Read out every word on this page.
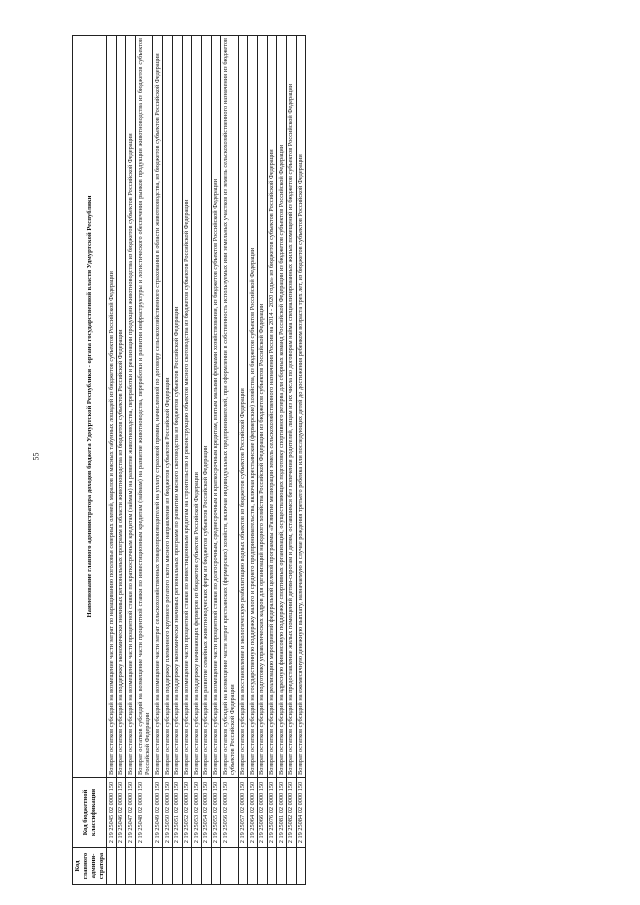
55
Код главного админи-стратора	Код бюджетной классификации	Наименование главного администратора доходов бюджета Удмуртской Республики - органа государственной власти Удмуртской Республики
	2 19 25045 02 0000 150	Возврат остатков субсидий на возмещение части затрат по наращиванию поголовья северных оленей, маралов и мясных табунных лошадей из бюджетов субъектов Российской Федерации
	2 19 25046 02 0000 150	Возврат остатков субсидий на поддержку экономически значимых региональных программ в области животноводства из бюджетов субъектов Российской Федерации
	2 19 25047 02 0000 150	Возврат остатков субсидий на возмещение части процентной ставки по краткосрочным кредитам (займам) на развитие животноводства, переработки и реализации продукции животноводства из бюджетов субъектов Российской Федерации
	2 19 25048 02 0000 150	Возврат остатков субсидий на возмещение части процентной ставки по инвестиционным кредитам (займам) на развитие животноводства, переработки и развития инфраструктуры и логистического обеспечения рынков продукции животноводства из бюджетов субъектов Российской Федерации
	2 19 25049 02 0000 150	Возврат остатков субсидий на возмещение части затрат сельскохозяйственных товаропроизводителей на уплату страховой премии, начисленной по договору сельскохозяйственного страхования в области животноводства, из бюджетов субъектов Российской Федерации
	2 19 25050 02 0000 150	Возврат остатков субсидий на поддержку племенного крупного рогатого скота мясного направления из бюджетов субъектов Российской Федерации
	2 19 25051 02 0000 150	Возврат остатков субсидий на поддержку экономически значимых региональных программ по развитию мясного скотоводства из бюджетов субъектов Российской Федерации
	2 19 25052 02 0000 150	Возврат остатков субсидий на возмещение части процентной ставки по инвестиционным кредитам на строительство и реконструкцию объектов мясного скотоводства из бюджетов субъектов Российской Федерации
	2 19 25053 02 0000 150	Возврат остатков субсидий на поддержку начинающих фермеров из бюджетов субъектов Российской Федерации
	2 19 25054 02 0000 150	Возврат остатков субсидий на развитие семейных животноводческих ферм из бюджетов субъектов Российской Федерации
	2 19 25055 02 0000 150	Возврат остатков субсидий на возмещение части процентной ставки по долгосрочным, среднесрочным и краткосрочным кредитам, взятым малыми формами хозяйствования, из бюджетов субъектов Российской Федерации
	2 19 25056 02 0000 150	Возврат остатков субсидий на возмещение части затрат крестьянских (фермерских) хозяйств, включая индивидуальных предпринимателей, при оформлении в собственность используемых ими земельных участков из земель сельскохозяйственного назначения из бюджетов субъектов Российской Федерации
	2 19 25057 02 0000 150	Возврат остатков субсидий на восстановление и экологическую реабилитацию водных объектов из бюджетов субъектов Российской Федерации
	2 19 25064 02 0000 150	Возврат остатков субсидий на государственную поддержку малого и среднего предпринимательства, включая крестьянские (фермерские) хозяйства, из бюджетов субъектов Российской Федерации
	2 19 25066 02 0000 150	Возврат остатков субсидий на подготовку управленческих кадров для организаций народного хозяйства Российской Федерации из бюджетов субъектов Российской Федерации
	2 19 25076 02 0000 150	Возврат остатков субсидий на реализацию мероприятий федеральной целевой программы «Развитие мелиорации земель сельскохозяйственного назначения России на 2014 - 2020 годы» из бюджетов субъектов Российской Федерации
	2 19 25081 02 0000 150	Возврат остатков субсидий на адресную финансовую поддержку спортивных организаций, осуществляющих подготовку спортивного резерва для сборных команд Российской Федерации из бюджетов субъектов Российской Федерации
	2 19 25082 02 0000 150	Возврат остатков субсидий на предоставление жилых помещений детям-сиротам и детям, оставшимся без попечения родителей, лицам из их числа по договорам найма специализированных жилых помещений из бюджетов субъектов Российской Федерации
	2 19 25084 02 0000 150	Возврат остатков субсидий на ежемесячную денежную выплату, назначаемую в случае рождения третьего ребенка или последующих детей до достижения ребенком возраста трех лет, из бюджетов субъектов Российской Федерации
